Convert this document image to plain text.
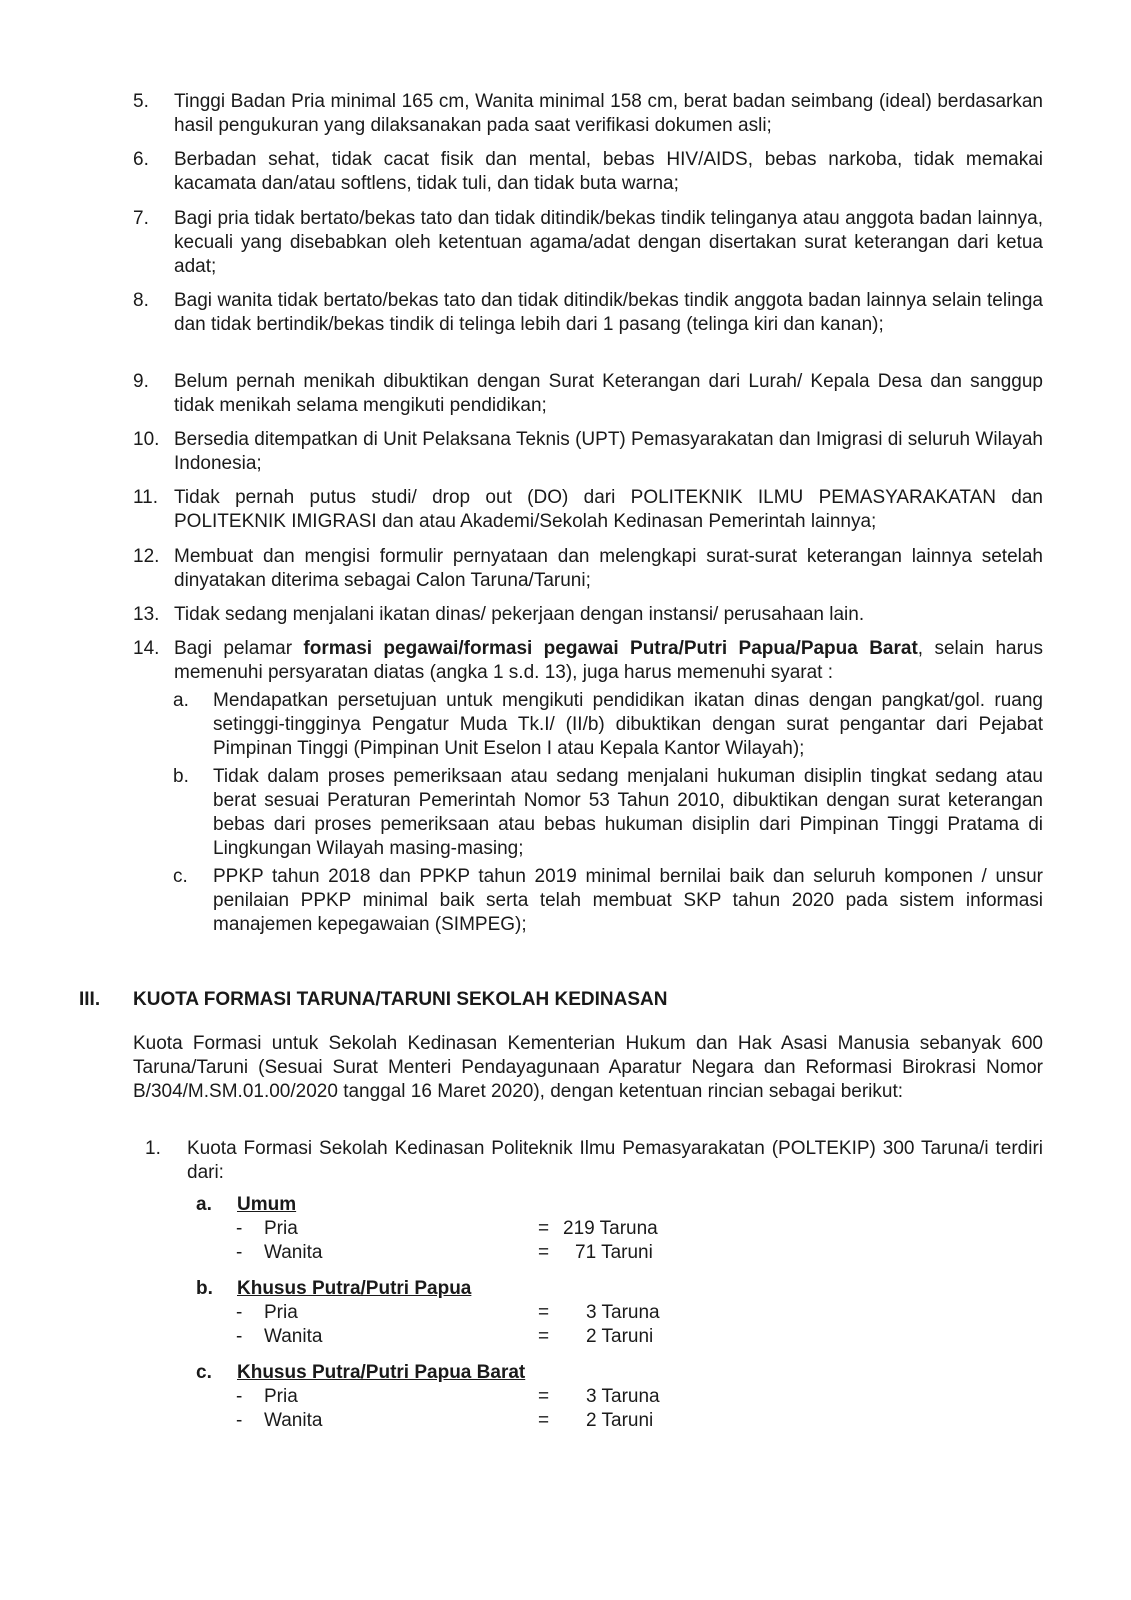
5.	Tinggi Badan Pria minimal 165 cm, Wanita minimal 158 cm, berat badan seimbang (ideal) berdasarkan hasil pengukuran yang dilaksanakan pada saat verifikasi dokumen asli;
6.	Berbadan sehat, tidak cacat fisik dan mental, bebas HIV/AIDS, bebas narkoba, tidak memakai kacamata dan/atau softlens, tidak tuli, dan tidak buta warna;
7.	Bagi pria tidak bertato/bekas tato dan tidak ditindik/bekas tindik telinganya atau anggota badan lainnya, kecuali yang disebabkan oleh ketentuan agama/adat dengan disertakan surat keterangan dari ketua adat;
8.	Bagi wanita tidak bertato/bekas tato dan tidak ditindik/bekas tindik anggota badan lainnya selain telinga dan tidak bertindik/bekas tindik di telinga lebih dari 1 pasang (telinga kiri dan kanan);
9.	Belum pernah menikah dibuktikan dengan Surat Keterangan dari Lurah/ Kepala Desa dan sanggup tidak menikah selama mengikuti pendidikan;
10. Bersedia ditempatkan di Unit Pelaksana Teknis (UPT) Pemasyarakatan dan Imigrasi di seluruh Wilayah Indonesia;
11. Tidak pernah putus studi/ drop out (DO) dari POLITEKNIK ILMU PEMASYARAKATAN dan POLITEKNIK IMIGRASI dan atau Akademi/Sekolah Kedinasan Pemerintah lainnya;
12. Membuat dan mengisi formulir pernyataan dan melengkapi surat-surat keterangan lainnya setelah dinyatakan diterima sebagai Calon Taruna/Taruni;
13. Tidak sedang menjalani ikatan dinas/ pekerjaan dengan instansi/ perusahaan lain.
14. Bagi pelamar formasi pegawai/formasi pegawai Putra/Putri Papua/Papua Barat, selain harus memenuhi persyaratan diatas (angka 1 s.d. 13), juga harus memenuhi syarat :
a. Mendapatkan persetujuan untuk mengikuti pendidikan ikatan dinas dengan pangkat/gol. ruang setinggi-tingginya Pengatur Muda Tk.I/ (II/b) dibuktikan dengan surat pengantar dari Pejabat Pimpinan Tinggi (Pimpinan Unit Eselon I atau Kepala Kantor Wilayah);
b. Tidak dalam proses pemeriksaan atau sedang menjalani hukuman disiplin tingkat sedang atau berat sesuai Peraturan Pemerintah Nomor 53 Tahun 2010, dibuktikan dengan surat keterangan bebas dari proses pemeriksaan atau bebas hukuman disiplin dari Pimpinan Tinggi Pratama di Lingkungan Wilayah masing-masing;
c. PPKP tahun 2018 dan PPKP tahun 2019 minimal bernilai baik dan seluruh komponen / unsur penilaian PPKP minimal baik serta telah membuat SKP tahun 2020 pada sistem informasi manajemen kepegawaian (SIMPEG);
III. KUOTA FORMASI TARUNA/TARUNI SEKOLAH KEDINASAN
Kuota Formasi untuk Sekolah Kedinasan Kementerian Hukum dan Hak Asasi Manusia sebanyak 600 Taruna/Taruni (Sesuai Surat Menteri Pendayagunaan Aparatur Negara dan Reformasi Birokrasi Nomor B/304/M.SM.01.00/2020 tanggal 16 Maret 2020), dengan ketentuan rincian sebagai berikut:
1. Kuota Formasi Sekolah Kedinasan Politeknik Ilmu Pemasyarakatan (POLTEKIP) 300 Taruna/i terdiri dari:
a. Umum
- Pria	= 219 Taruna
- Wanita	= 71 Taruni
b. Khusus Putra/Putri Papua
- Pria	= 3 Taruna
- Wanita	= 2 Taruni
c. Khusus Putra/Putri Papua Barat
- Pria	= 3 Taruna
- Wanita	= 2 Taruni
